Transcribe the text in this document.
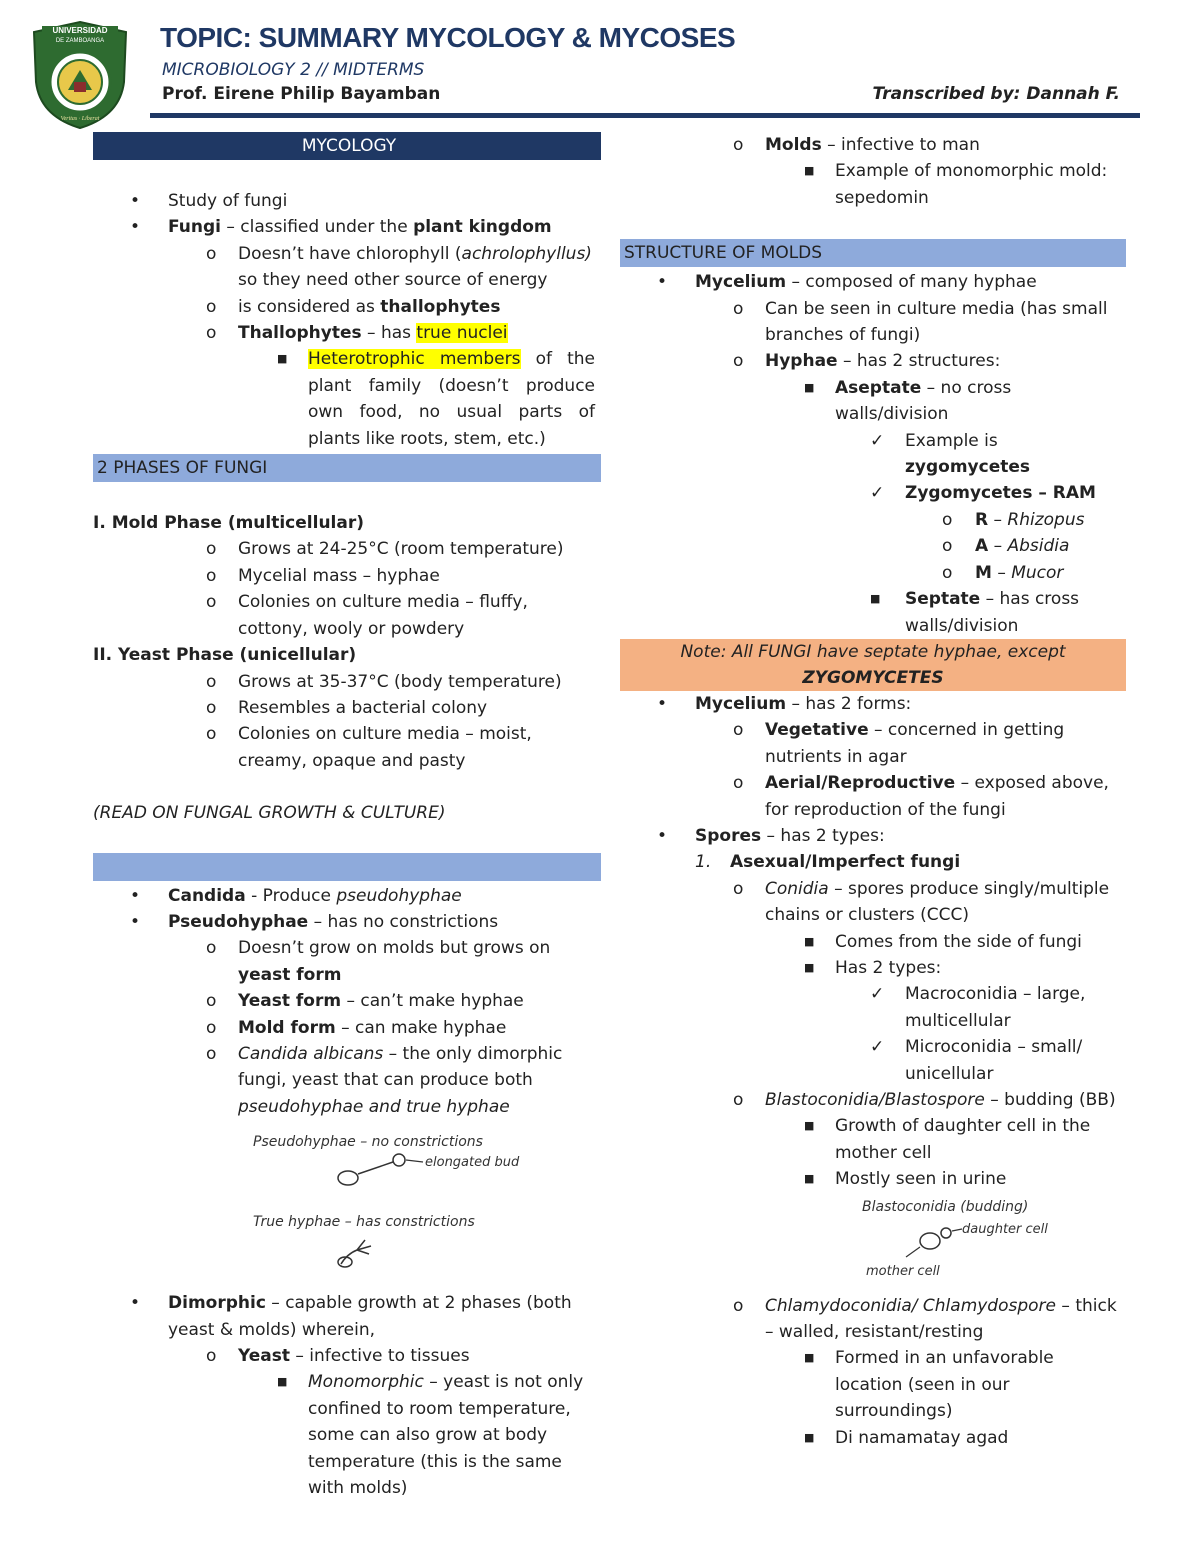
UNIVERSIDAD
DE ZAMBOANGA
Veritas · Liberat
TOPIC: SUMMARY MYCOLOGY & MYCOSES
MICROBIOLOGY 2 // MIDTERMS
Prof. Eirene Philip Bayamban	Transcribed by: Dannah F.
MYCOLOGY
• Study of fungi
• Fungi – classified under the plant kingdom
o Doesn’t have chlorophyll (achrolophyllus)
so they need other source of energy
o is considered as thallophytes
o Thallophytes – has true nuclei
■ Heterotrophic members of the plant family (doesn’t produce own food, no usual parts of plants like roots, stem, etc.)
2 PHASES OF FUNGI
I. Mold Phase (multicellular)
o Grows at 24-25°C (room temperature)
o Mycelial mass – hyphae
o Colonies on culture media – fluffy, cottony, wooly or powdery
II. Yeast Phase (unicellular)
o Grows at 35-37°C (body temperature)
o Resembles a bacterial colony
o Colonies on culture media – moist, creamy, opaque and pasty
(READ ON FUNGAL GROWTH & CULTURE)
• Candida - Produce pseudohyphae
• Pseudohyphae – has no constrictions
o Doesn’t grow on molds but grows on yeast form
o Yeast form – can’t make hyphae
o Mold form – can make hyphae
o Candida albicans – the only dimorphic fungi, yeast that can produce both pseudohyphae and true hyphae
Pseudohyphae – no constrictions
elongated bud
True hyphae – has constrictions
• Dimorphic – capable growth at 2 phases (both yeast & molds) wherein,
o Yeast – infective to tissues
■ Monomorphic – yeast is not only confined to room temperature, some can also grow at body temperature (this is the same with molds)
o Molds – infective to man
■ Example of monomorphic mold: sepedomin
STRUCTURE OF MOLDS
• Mycelium – composed of many hyphae
o Can be seen in culture media (has small branches of fungi)
o Hyphae – has 2 structures:
■ Aseptate – no cross walls/division
✓ Example is zygomycetes
✓ Zygomycetes – RAM
o R – Rhizopus
o A – Absidia
o M – Mucor
■ Septate – has cross walls/division
Note: All FUNGI have septate hyphae, except
ZYGOMYCETES
• Mycelium – has 2 forms:
o Vegetative – concerned in getting nutrients in agar
o Aerial/Reproductive – exposed above, for reproduction of the fungi
• Spores – has 2 types:
1. Asexual/Imperfect fungi
o Conidia – spores produce singly/multiple chains or clusters (CCC)
■ Comes from the side of fungi
■ Has 2 types:
✓ Macroconidia – large, multicellular
✓ Microconidia – small/ unicellular
o Blastoconidia/Blastospore – budding (BB)
■ Growth of daughter cell in the mother cell
■ Mostly seen in urine
Blastoconidia (budding)
daughter cell
mother cell
o Chlamydoconidia/ Chlamydospore – thick – walled, resistant/resting
■ Formed in an unfavorable location (seen in our surroundings)
■ Di namamatay agad
